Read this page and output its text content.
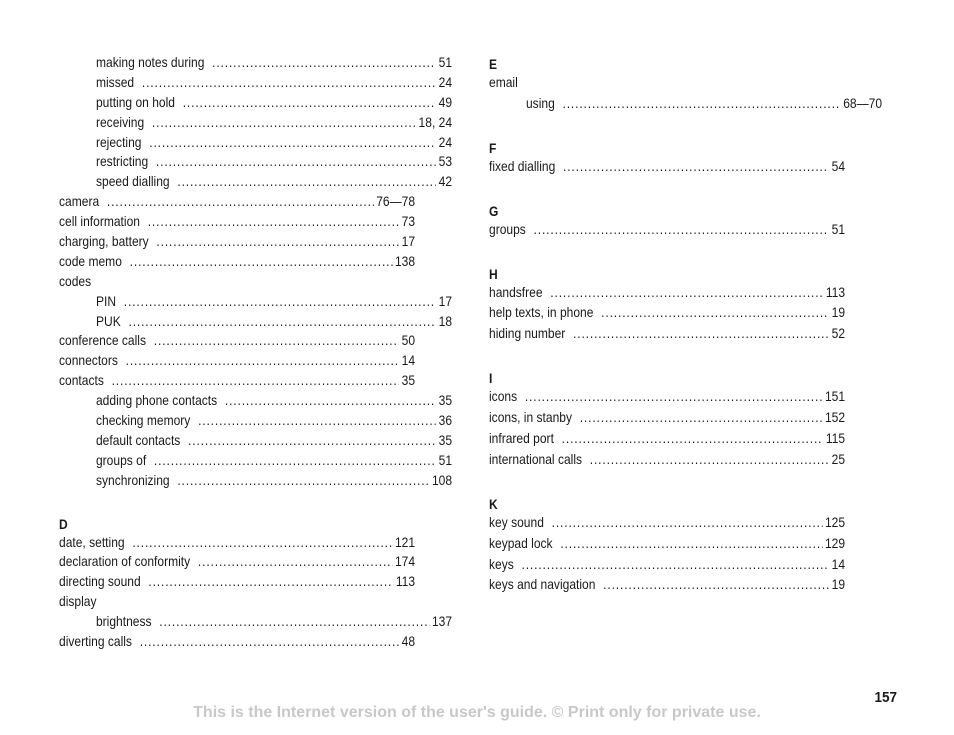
making notes during .....	51
missed .....	24
putting on hold .....	49
receiving .....	18, 24
rejecting .....	24
restricting .....	53
speed dialling .....	42
camera .....	76—78
cell information .....	73
charging, battery .....	17
code memo .....	138
codes
PIN .....	17
PUK .....	18
conference calls .....	50
connectors .....	14
contacts .....	35
adding phone contacts .....	35
checking memory .....	36
default contacts .....	35
groups of .....	51
synchronizing .....	108
D
date, setting .....	121
declaration of conformity .....	174
directing sound .....	113
display
brightness .....	137
diverting calls .....	48
E
email
using .....	68—70
F
fixed dialling .....	54
G
groups .....	51
H
handsfree .....	113
help texts, in phone .....	19
hiding number .....	52
I
icons .....	151
icons, in stanby .....	152
infrared port .....	115
international calls .....	25
K
key sound .....	125
keypad lock .....	129
keys .....	14
keys and navigation .....	19
157
This is the Internet version of the user's guide. © Print only for private use.
